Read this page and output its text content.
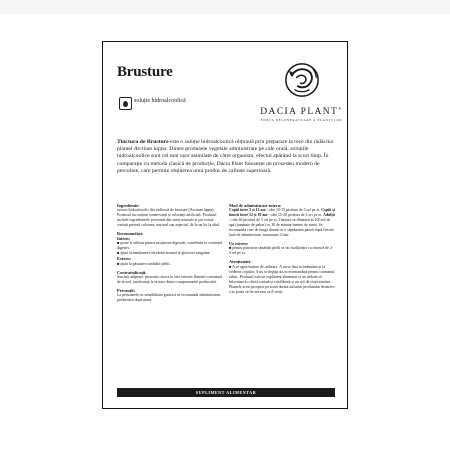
Brusture
soluție hidroalcoolică
DACIA PLANT®
FORȚA REGENERATOARE A PLANTELOR

Tinctura de Brusture este o soluție hidroalcoolică obținută prin preparare la rece din rădăcina plantei Arctium lappa. Dintre produsele vegetale administrate pe cale orală, soluțiile hidroalcoolice sunt cel mai ușor asimilate de către organism, efectul apărând la scurt timp. În comparație cu metoda clasică de producție, Dacia Plant folosește un procedeu modern de percolare, care permite obținerea unui produs de calitate superioară.

Ingrediente:

extract hidroalcoolic din rădăcină de brusture (Arctium lappa). Produsul nu conține conservanți și coloranți artificiali. Produsul include ingredientele provenite din surse naturale și pot exista variații privind culoarea, mirosul sau aspectul, de la un lot la altul.

Recomandări:

Intern:

■ poate fi utilizat pentru susținerea digestiei, contribuie la confortul digestiv.

■ ajută la menținerea nivelului normal al glucozei sanguine.

Extern:

■ ajută la păstrarea sănătății pielii.

Contraindicații:

Sarcină, alăptare, persoane cărora le este interzis flamiter consumul de alcool, intoleranță la oricare dintre componentele produsului.

Precauții:

La persoanele cu sensibilitate gastrică se recomandă administrarea produsului după masă.

Mod de administrare intern:

Copiii între 3 și 12 ani - câte 10-15 picături de 3 ori pe zi. Copiii și tinerii între 12 și 18 ani - câte 15-20 picături de 3 ori pe zi. Adulții - câte 30 picături de 3 ori pe zi. Tinctura se diluează în 100 ml de apă (jumătate de pahar) cu 30 de minute înainte de masă. Se recomandă cure de lungă durată cu o săptămână pauză după fiecare lună de administrare, maximum 3 luni.

Uz extern:

■ pentru păstrarea sănătății pielii se fac badijonări cu tinctură de 2-3 ori pe zi.

Atenționări:

■ A se agita înainte de utilizare. A nu se lăsa la îndemâna și la vederea copiilor. A nu se depăși doza recomandată pentru consumul zilnic. Produsul este un supliment alimentar și nu trebuie să înlocuiască o dietă variată și echilibrată și un stil de viață sănătos. Plantele acest prospect pe toată durata utilizării produsului deoarece s-ar putea să fie necesar să îl reciți.

SUPLIMENT ALIMENTAR
